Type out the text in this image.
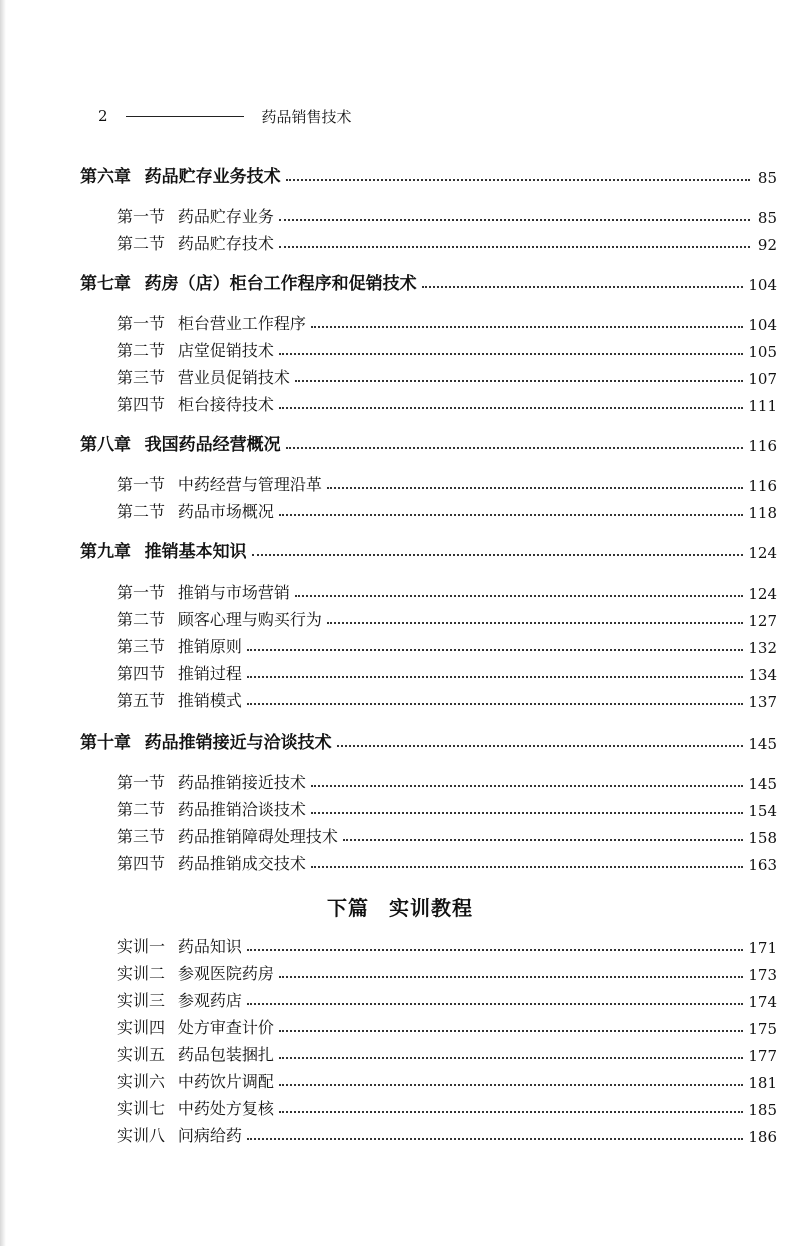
2	药品销售技术
第六章 药品贮存业务技术	85
第一节 药品贮存业务	85
第二节 药品贮存技术	92
第七章 药房（店）柜台工作程序和促销技术	104
第一节 柜台营业工作程序	104
第二节 店堂促销技术	105
第三节 营业员促销技术	107
第四节 柜台接待技术	111
第八章 我国药品经营概况	116
第一节 中药经营与管理沿革	116
第二节 药品市场概况	118
第九章 推销基本知识	124
第一节 推销与市场营销	124
第二节 顾客心理与购买行为	127
第三节 推销原则	132
第四节 推销过程	134
第五节 推销模式	137
第十章 药品推销接近与洽谈技术	145
第一节 药品推销接近技术	145
第二节 药品推销洽谈技术	154
第三节 药品推销障碍处理技术	158
第四节 药品推销成交技术	163
下篇 实训教程
实训一 药品知识	171
实训二 参观医院药房	173
实训三 参观药店	174
实训四 处方审查计价	175
实训五 药品包装捆扎	177
实训六 中药饮片调配	181
实训七 中药处方复核	185
实训八 问病给药	186
